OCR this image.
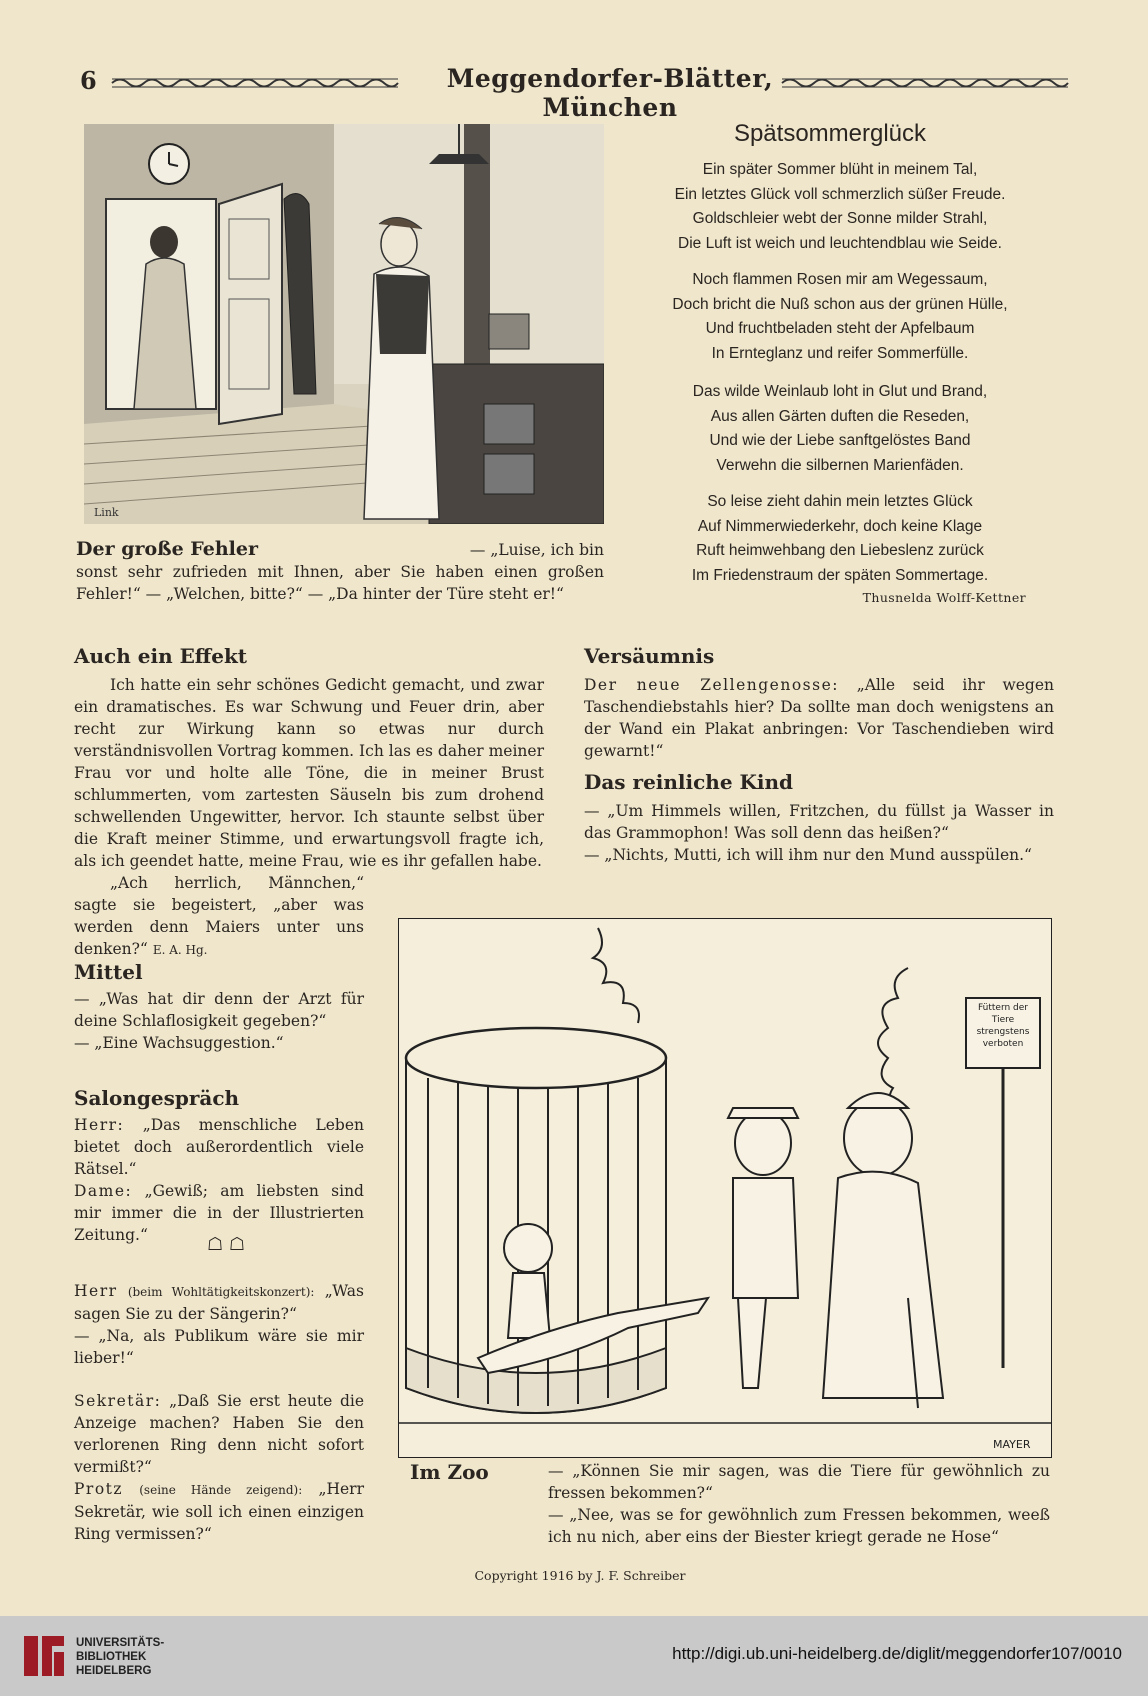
6	Meggendorfer-Blätter, München
Link
Der große Fehler	— „Luise, ich bin
sonst sehr zufrieden mit Ihnen, aber Sie haben einen großen
Fehler!“ — „Welchen, bitte?“ — „Da hinter der Türe steht er!“
Spätsommerglück
Ein später Sommer blüht in meinem Tal,
Ein letztes Glück voll schmerzlich süßer Freude.
Goldschleier webt der Sonne milder Strahl,
Die Luft ist weich und leuchtendblau wie Seide.
Noch flammen Rosen mir am Wegessaum,
Doch bricht die Nuß schon aus der grünen Hülle,
Und fruchtbeladen steht der Apfelbaum
In Ernteglanz und reifer Sommerfülle.
Das wilde Weinlaub loht in Glut und Brand,
Aus allen Gärten duften die Reseden,
Und wie der Liebe sanftgelöstes Band
Verwehn die silbernen Marienfäden.
So leise zieht dahin mein letztes Glück
Auf Nimmerwiederkehr, doch keine Klage
Ruft heimwehbang den Liebeslenz zurück
Im Friedenstraum der späten Sommertage.
Thusnelda Wolff-Kettner
Auch ein Effekt
Ich hatte ein sehr schönes Gedicht gemacht, und zwar ein dramatisches. Es war Schwung und Feuer drin, aber recht zur Wirkung kann so etwas nur durch verständnisvollen Vortrag kommen. Ich las es daher meiner Frau vor und holte alle Töne, die in meiner Brust schlummerten, vom zartesten Säuseln bis zum drohend schwellenden Ungewitter, hervor. Ich staunte selbst über die Kraft meiner Stimme, und erwartungsvoll fragte ich, als ich geendet hatte, meine Frau, wie es ihr gefallen habe.
„Ach herrlich, Männchen,“ sagte sie begeistert, „aber was werden denn Maiers unter uns denken?“ E. A. Hg.
Versäumnis
Der neue Zellengenosse: „Alle seid ihr wegen Taschendiebstahls hier? Da sollte man doch wenigstens an der Wand ein Plakat anbringen: Vor Taschendieben wird gewarnt!“
Das reinliche Kind
— „Um Himmels willen, Fritzchen, du füllst ja Wasser in das Grammophon! Was soll denn das heißen?“
— „Nichts, Mutti, ich will ihm nur den Mund ausspülen.“
Mittel
— „Was hat dir denn der Arzt für deine Schlaflosigkeit gegeben?“
— „Eine Wachsuggestion.“
Salongespräch
Herr: „Das menschliche Leben bietet doch außerordentlich viele Rätsel.“
Dame: „Gewiß; am liebsten sind mir immer die in der Illustrierten Zeitung.“	☖ ☖
Herr (beim Wohltätigkeitskonzert): „Was sagen Sie zu der Sängerin?“
— „Na, als Publikum wäre sie mir lieber!“
Sekretär: „Daß Sie erst heute die Anzeige machen? Haben Sie den verlorenen Ring denn nicht sofort vermißt?“
Protz (seine Hände zeigend): „Herr Sekretär, wie soll ich einen einzigen Ring vermissen?“
Füttern der Tiere strengstens verboten
MAYER
Im Zoo	— „Können Sie mir sagen, was die Tiere für gewöhnlich zu fressen bekommen?“
— „Nee, was se for gewöhnlich zum Fressen bekommen, weeß ich nu nich, aber eins der Biester kriegt gerade ne Hose“
Copyright 1916 by J. F. Schreiber
UNIVERSITÄTS-
BIBLIOTHEK
HEIDELBERG
http://digi.ub.uni-heidelberg.de/diglit/meggendorfer107/0010
